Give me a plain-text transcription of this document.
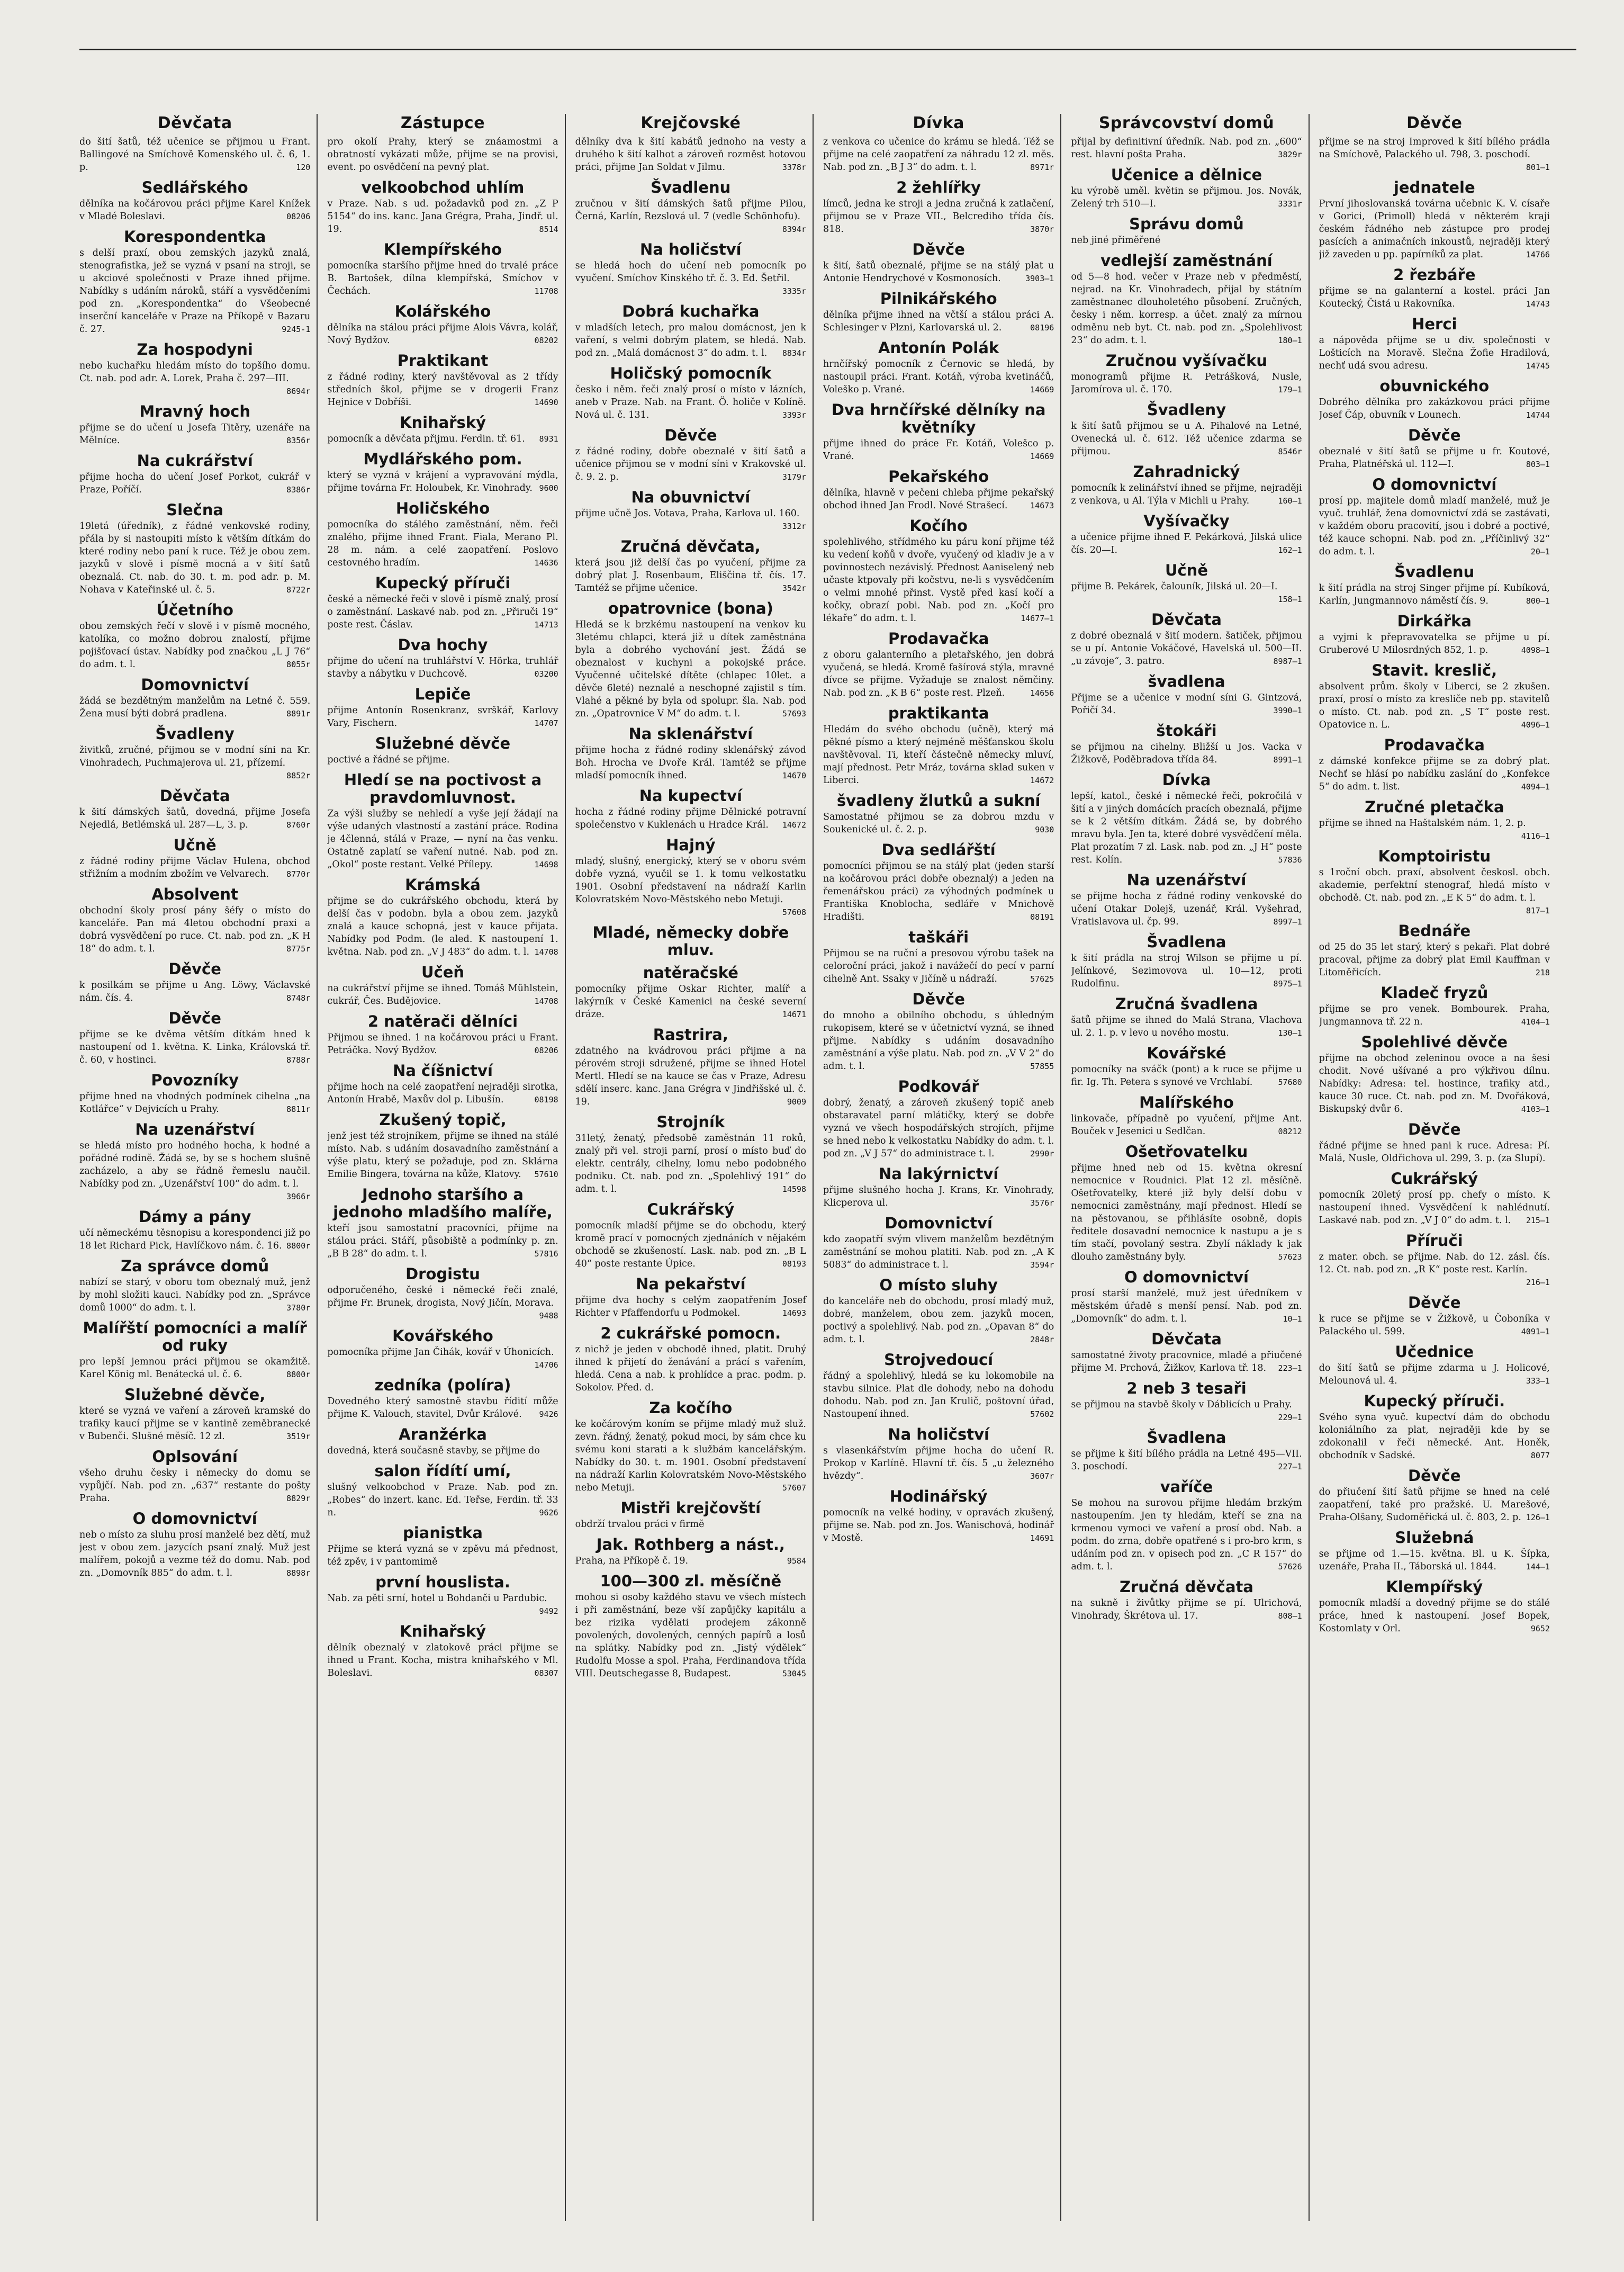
Děvčata
do šití šatů, též učenice se přijmou u Frant. Ballingové na Smíchově Komenského ul. č. 6, 1. p.	120
Sedlářského
dělníka na kočárovou práci přijme Karel Knížek v Mladé Boleslavi.	08206
Korespondentka
s delší praxí, obou zemských jazyků znalá, stenografistka, jež se vyzná v psaní na stroji, se u akciové společnosti v Praze ihned přijme. Nabídky s udáním nároků, stáří a vysvědčeními pod zn. „Korespondentka“ do Všeobecné inserční kanceláře v Praze na Příkopě v Bazaru č. 27.	9245-1
Za hospodyni
nebo kuchařku hledám místo do topšího domu. Ct. nab. pod adr. A. Lorek, Praha č. 297—III.
8694r
Mravný hoch
přijme se do učení u Josefa Titěry, uzenáře na Mělníce.	8356r
Na cukrářství
přijme hocha do učení Josef Porkot, cukrář v Praze, Poříčí.	8386r
Slečna
19letá (úředník), z řádné venkovské rodiny, přála by si nastoupiti místo k větším dítkám do které rodiny nebo paní k ruce. Též je obou zem. jazyků v slově i písmě mocná a v šití šatů obeznalá. Ct. nab. do 30. t. m. pod adr. p. M. Nohava v Kateřinské ul. č. 5.	8722r
Účetního
obou zemských řečí v slově i v písmě mocného, katolíka, co možno dobrou znalostí, přijme pojišťovací ústav. Nabídky pod značkou „L J 76“ do adm. t. l.	8055r
Domovnictví
žádá se bezdětným manželům na Letné č. 559. Žena musí býti dobrá pradlena.	8891r
Švadleny
živitků, zručné, přijmou se v modní síni na Kr. Vinohradech, Puchmajerova ul. 21, přízemí.
8852r
Děvčata
k šití dámských šatů, dovedná, přijme Josefa Nejedlá, Betlémská ul. 287—L, 3. p.	8760r
Učně
z řádné rodiny přijme Václav Hulena, obchod střižním a modním zbožím ve Velvarech. 8770r
Absolvent
obchodní školy prosí pány šéfy o místo do kanceláře. Pan má 4letou obchodní praxi a dobrá vysvědčení po ruce. Ct. nab. pod zn. „K H 18“ do adm. t. l.	8775r
Děvče
k posilkám se přijme u Ang. Löwy, Václavské nám. čís. 4.	8748r
Děvče
přijme se ke dvěma větším dítkám hned k nastoupení od 1. května. K. Linka, Královská tř. č. 60, v hostinci.	8788r
Povozníky
přijme hned na vhodných podmínek cihelna „na Kotlářce“ v Dejvicích u Prahy.	8811r
Na uzenářství
se hledá místo pro hodného hocha, k hodné a pořádné rodině. Žádá se, by se s hochem slušně zacházelo, a aby se řádně řemeslu naučil. Nabídky pod zn. „Uzenářství 100“ do adm. t. l.
3966r
Dámy a pány
učí německému těsnopisu a korespondenci již po 18 let Richard Pick, Havlíčkovo nám. č. 16. 8800r
Za správce domů
nabízí se starý, v oboru tom obeznalý muž, jenž by mohl složiti kauci. Nabídky pod zn. „Správce domů 1000“ do adm. t. l.	3780r
Malířští pomocníci a malíř od ruky
pro lepší jemnou práci přijmou se okamžitě. Karel König ml. Benátecká ul. č. 6.	8800r
Služebné děvče,
které se vyzná ve vaření a zároveň kramské do trafiky kaucí přijme se v kantině zeměbranecké v Bubenči. Slušné měsíč. 12 zl.	3519r
Oplsování
všeho druhu česky i německy do domu se vypůjčí. Nab. pod zn. „637“ restante do pošty Praha.	8829r
O domovnictví
neb o místo za sluhu prosí manželé bez dětí, muž jest v obou zem. jazycích psaní znalý. Muž jest malířem, pokojů a vezme též do domu. Nab. pod zn. „Domovník 885“ do adm. t. l.	8898r
Zástupce
pro okolí Prahy, který se znáamostmi a obratností vykázati může, přijme se na provisi, event. po osvědčení na pevný plat.
velkoobchod uhlím
v Praze. Nab. s ud. požadavků pod zn. „Z P 5154“ do ins. kanc. Jana Grégra, Praha, Jindř. ul. 19.	8514
Klempířského
pomocníka staršího přijme hned do trvalé práce B. Bartošek, dílna klempířská, Smíchov v Čechách.	11708
Kolářského
dělníka na stálou práci přijme Alois Vávra, kolář, Nový Bydžov.	08202
Praktikant
z řádné rodiny, který navštěvoval as 2 třídy středních škol, přijme se v drogerii Franz Hejnice v Dobříši.	14690
Knihařský
pomocník a děvčata přijmu. Ferdin. tř. 61. 8931
Mydlářského pom.
který se vyzná v krájení a vypravování mýdla, přijme továrna Fr. Holoubek, Kr. Vinohrady. 9600
Holičského
pomocníka do stálého zaměstnání, něm. řeči znalého, přijme ihned Frant. Fiala, Merano Pl. 28 m. nám. a celé zaopatření. Poslovo cestovného hradím.	14636
Kupecký příruči
české a německé řeči v slově i písmě znalý, prosí o zaměstnání. Laskavé nab. pod zn. „Přiruči 19“ poste rest. Čáslav.	14713
Dva hochy
přijme do učení na truhlářství V. Hörka, truhlář stavby a nábytku v Duchcově.	03200
Lepiče
přijme Antonín Rosenkranz, svrškář, Karlovy Vary, Fischern.	14707
Služebné děvče
poctivé a řádné se přijme.
Hledí se na poctivost a pravdomluvnost.
Za výši služby se nehledí a vyše její žádají na výše udaných vlastností a zastání práce. Rodina je 4členná, stálá v Praze, — nyní na čas venku. Ostatně zaplatí se vaření nutné. Nab. pod zn. „Okol“ poste restant. Velké Přílepy.	14698
Krámská
přijme se do cukrářského obchodu, která by delší čas v podobn. byla a obou zem. jazyků znalá a kauce schopná, jest v kauce přijata. Nabídky pod Podm. (le aled. K nastoupení 1. května. Nab. pod zn. „V J 483“ do adm. t. l. 14708
Učeň
na cukrářství přijme se ihned. Tomáš Mühlstein, cukrář, Čes. Budějovice.	14708
2 natěrači dělníci
Přijmou se ihned. 1 na kočárovou práci u Frant. Petráčka. Nový Bydžov.	08206
Na číšnictví
přijme hoch na celé zaopatření nejraději sirotka, Antonín Hrabě, Maxův dol p. Libušín.	08198
Zkušený topič,
jenž jest též strojníkem, přijme se ihned na stálé místo. Nab. s udáním dosavadního zaměstnání a výše platu, který se požaduje, pod zn. Sklárna Emilie Bingera, továrna na kůže, Klatovy. 57610
Jednoho staršího a jednoho mladšího malíře,
kteří jsou samostatní pracovníci, přijme na stálou práci. Stáří, působiště a podmínky p. zn. „B B 28“ do adm. t. l.	57816
Drogistu
odporučeného, české i německé řeči znalé, přijme Fr. Brunek, drogista, Nový Jičín, Morava.
9488
Kovářského
pomocníka přijme Jan Čihák, kovář v Úhonicích.
14706
zedníka (políra)
Dovedného který samostně stavbu řídití může přijme K. Valouch, stavitel, Dvůr Králové. 9426
Aranžérka
dovedná, která současně stavby, se přijme do
salon řídítí umí,
slušný velkoobchod v Praze. Nab. pod zn. „Robes“ do inzert. kanc. Ed. Teřse, Ferdin. tř. 33 n.	9626
pianistka
Přijme se která vyzná se v zpěvu má přednost, též zpěv, i v pantomimě
první houslista.
Nab. za pěti srní, hotel u Bohdanči u Pardubic.
9492
Knihařský
dělník obeznalý v zlatokově práci přijme se ihned u Frant. Kocha, mistra knihařského v Ml. Boleslavi.	08307
Krejčovské
dělníky dva k šití kabátů jednoho na vesty a druhého k šití kalhot a zároveň rozměst hotovou práci, přijme Jan Soldat v Jilmu.	3378r
Švadlenu
zručnou v šití dámských šatů přijme Pilou, Černá, Karlín, Rezslová ul. 7 (vedle Schönhofu).
8394r
Na holičství
se hledá hoch do učení neb pomocník po vyučení. Smíchov Kinského tř. č. 3. Ed. Šetřil.
3335r
Dobrá kuchařka
v mladších letech, pro malou domácnost, jen k vaření, s velmi dobrým platem, se hledá. Nab. pod zn. „Malá domácnost 3“ do adm. t. l. 8834r
Holičský pomocník
česko i něm. řeči znalý prosí o místo v lázních, aneb v Praze. Nab. na Frant. Ö. holiče v Kolíně. Nová ul. č. 131.	3393r
Děvče
z řádné rodiny, dobře obeznalé v šití šatů a učenice přijmou se v modní síni v Krakovské ul. č. 9. 2. p.	3179r
Na obuvnictví
přijme učně Jos. Votava, Praha, Karlova ul. 160.
3312r
Zručná děvčata,
která jsou již delší čas po vyučení, přijme za dobrý plat J. Rosenbaum, Eliščina tř. čís. 17. Tamtéž se přijme učenice.	3542r
opatrovnice (bona)
Hledá se k brzkému nastoupení na venkov ku 3letému chlapci, která již u dítek zaměstnána byla a dobrého vychování jest. Žádá se obeznalost v kuchyni a pokojské práce. Vyučenné učitelské dítěte (chlapec 10let. a děvče 6leté) neznalé a neschopné zajistil s tím. Vlahé a pěkné by byla od spolupr. šla. Nab. pod zn. „Opatrovnice V M“ do adm. t. l.	57693
Na sklenářství
přijme hocha z řádné rodiny sklenářský závod Boh. Hrocha ve Dvoře Král. Tamtéž se přijme mladší pomocník ihned.	14670
Na kupectví
hocha z řádné rodiny přijme Dělnické potravní společenstvo v Kuklenách u Hradce Král. 14672
Hajný
mladý, slušný, energický, který se v oboru svém dobře vyzná, vyučil se 1. k tomu velkostatku 1901. Osobní představení na nádraží Karlin Kolovratském Novo-Městského nebo Metuji.
57608
Mladé, německy dobře mluv.
natěračské
pomocníky přijme Oskar Richter, malíř a lakýrník v České Kamenici na české severní dráze.	14671
Rastrira,
zdatného na kvádrovou práci přijme a na pérovém stroji sdružené, přijme se ihned Hotel Mertl. Hledí se na kauce se čas v Praze, Adresu sdělí inserc. kanc. Jana Grégra v Jindřišské ul. č. 19.	9009
Strojník
31letý, ženatý, předsobě zaměstnán 11 roků, znalý při vel. stroji parní, prosí o místo buď do elektr. centrály, cihelny, lomu nebo podobného podniku. Ct. nab. pod zn. „Spolehlivý 191“ do adm. t. l.	14598
Cukrářský
pomocník mladší přijme se do obchodu, který kromě prací v pomocných zjednáních v nějakém obchodě se zkušeností. Lask. nab. pod zn. „B L 40“ poste restante Úpice.	08193
Na pekařství
přijme dva hochy s celým zaopatřením Josef Richter v Pfaffendorfu u Podmokel.	14693
2 cukrářské pomocn.
z nichž je jeden v obchodě ihned, platit. Druhý ihned k přijetí do ženávání a prácí s vařením, hledá. Cena a nab. k prohlídce a prac. podm. p. Sokolov. Před. d.
Za kočího
ke kočárovým koním se přijme mladý muž služ. zevn. řádný, ženatý, pokud moci, by sám chce ku svému koni starati a k službám kancelářským. Nabídky do 30. t. m. 1901. Osobní představení na nádraží Karlin Kolovratském Novo-Městského nebo Metuji.	57607
Mistři krejčovští
obdrží trvalou práci v firmě
Jak. Rothberg a nást.,
Praha, na Příkopě č. 19.	9584
100—300 zl. měsíčně
mohou si osoby každého stavu ve všech místech i při zaměstnání, beze vší zapůjčky kapitálu a bez rizika vydělati prodejem zákonně povolených, dovolených, cenných papírů a losů na splátky. Nabídky pod zn. „Jistý výdělek“ Rudolfu Mosse a spol. Praha, Ferdinandova třída VIII. Deutschegasse 8, Budapest.	53045
Dívka
z venkova co učenice do krámu se hledá. Též se přijme na celé zaopatření za náhradu 12 zl. měs. Nab. pod zn. „B J 3“ do adm. t. l.	8971r
2 žehlířky
límců, jedna ke stroji a jedna zručná k zatlačení, přijmou se v Praze VII., Belcrediho třída čís. 818.	3870r
Děvče
k šití, šatů obeznalé, přijme se na stálý plat u Antonie Hendrychové v Kosmonosích.	3903—1
Pilnikářského
dělníka přijme ihned na včtší a stálou práci A. Schlesinger v Plzni, Karlovarská ul. 2.	08196
Antonín Polák
hrnčířský pomocník z Černovic se hledá, by nastoupil práci. Frant. Kotáň, výroba kvetináčů, Voleško p. Vrané.	14669
Dva hrnčířské dělníky na květníky
přijme ihned do práce Fr. Kotáň, Volešco p. Vrané.	14669
Pekařského
dělníka, hlavně v pečeni chleba přijme pekařský obchod ihned Jan Frodl. Nové Strašecí.	14673
Kočího
spolehlivého, střídmého ku páru koní přijme též ku vedení koňů v dvoře, vyučený od kladiv je a v povinnostech nezávislý. Přednost Aaniselený neb učaste ktpovaly při kočstvu, ne-li s vysvědčením o velmi mnohé přinst. Vystě před kasí kočí a kočky, obrazí pobi. Nab. pod zn. „Kočí pro lékaře“ do adm. t. l.	14677—1
Prodavačka
z oboru galanterního a pletařského, jen dobrá vyučená, se hledá. Kromě fašírová stýla, mravné dívce se přijme. Vyžaduje se znalost němčiny. Nab. pod zn. „K B 6“ poste rest. Plzeň.	14656
praktikanta
Hledám do svého obchodu (učně), který má pěkné písmo a který nejméně měšťanskou školu navštěvoval. Ti, kteří částečně německy mluví, mají přednost. Petr Mráz, továrna sklad suken v Liberci.	14672
švadleny žlutků a sukní
Samostatné přijmou se za dobrou mzdu v Soukenické ul. č. 2. p.	9030
Dva sedlářští
pomocníci přijmou se na stálý plat (jeden starší na kočárovou práci dobře obeznalý) a jeden na řemenářskou práci) za výhodných podmínek u Františka Knoblocha, sedláře v Mnichově Hradišti.	08191
taškáři
Přijmou se na ruční a presovou výrobu tašek na celoroční práci, jakož i navážečí do pecí v parní cihelně Ant. Ssaky v Jičíně u nádraží.	57625
Děvče
do mnoho a obilního obchodu, s úhledným rukopisem, které se v účetnictví vyzná, se ihned přijme. Nabídky s udáním dosavadního zaměstnání a výše platu. Nab. pod zn. „V V 2“ do adm. t. l.	57855
Podkovář
dobrý, ženatý, a zároveň zkušený topič aneb obstaravatel parní mlátičky, který se dobře vyzná ve všech hospodářských strojích, přijme se hned nebo k velkostatku Nabídky do adm. t. l. pod zn. „V J 57“ do administrace t. l.	2990r
Na lakýrnictví
přijme slušného hocha J. Krans, Kr. Vinohrady, Klicperova ul.	3576r
Domovnictví
kdo zaopatří svým vlivem manželům bezdětným zaměstnání se mohou platiti. Nab. pod zn. „A K 5083“ do administrace t. l.	3594r
O místo sluhy
do kanceláře neb do obchodu, prosí mladý muž, dobré, manželem, obou zem. jazyků mocen, poctivý a spolehlivý. Nab. pod zn. „Opavan 8“ do adm. t. l.	2848r
Strojvedoucí
řádný a spolehlivý, hledá se ku lokomobile na stavbu silnice. Plat dle dohody, nebo na dohodu dohodu. Nab. pod zn. Jan Krulič, poštovní úřad, Nastoupení ihned.	57602
Na holičství
s vlasenkářstvím přijme hocha do učení R. Prokop v Karlíně. Hlavní tř. čís. 5 „u železného hvězdy“.	3607r
Hodinářský
pomocník na velké hodiny, v opravách zkušený, přijme se. Nab. pod zn. Jos. Wanischová, hodinář v Mostě.	14691
Správcovství domů
přijal by definitivní úředník. Nab. pod zn. „600“ rest. hlavní pošta Praha.	3829r
Učenice a dělnice
ku výrobě uměl. květin se přijmou. Jos. Novák, Zelený trh 510—I.	3331r
Správu domů
neb jiné přiměřené
vedlejší zaměstnání
od 5—8 hod. večer v Praze neb v předměstí, nejrad. na Kr. Vinohradech, přijal by státním zaměstnanec dlouholetého působení. Zručných, česky i něm. korresp. a účet. znalý za mírnou odměnu neb byt. Ct. nab. pod zn. „Spolehlivost 23“ do adm. t. l.	180—1
Zručnou vyšívačku
monogramů přijme R. Petrášková, Nusle, Jaromírova ul. č. 170.	179—1
Švadleny
k šití šatů přijmou se u A. Pihalové na Letné, Ovenecká ul. č. 612. Též učenice zdarma se přijmou.	8546r
Zahradnický
pomocník k zelinářství ihned se přijme, nejraději z venkova, u Al. Týla v Michli u Prahy.	160—1
Vyšívačky
a učenice přijme ihned F. Pekárková, Jilská ulice čís. 20—I.	162—1
Učně
přijme B. Pekárek, čalouník, Jilská ul. 20—I.
158—1
Děvčata
z dobré obeznalá v šití modern. šatiček, přijmou se u pí. Antonie Vokáčové, Havelská ul. 500—II. „u závoje“, 3. patro.	8987—1
švadlena
Přijme se a učenice v modní síni G. Gintzová, Pořičí 34.	3990—1
štokáři
se přijmou na cihelny. Bližší u Jos. Vacka v Žižkově, Poděbradova třída 84.	8991—1
Dívka
lepší, katol., české i německé řeči, pokročilá v šití a v jiných domácích pracích obeznalá, přijme se k 2 větším dítkám. Žádá se, by dobrého mravu byla. Jen ta, které dobré vysvědčení měla. Plat prozatím 7 zl. Lask. nab. pod zn. „J H“ poste rest. Kolín.	57836
Na uzenářství
se přijme hocha z řádné rodiny venkovské do učení Otakar Dolejš, uzenář, Král. Vyšehrad, Vratislavova ul. čp. 99.	8997—1
Švadlena
k šití prádla na stroj Wilson se přijme u pí. Jelínkové, Sezimovova ul. 10—12, proti Rudolfinu.	8975—1
Zručná švadlena
šatů přijme se ihned do Malá Strana, Vlachova ul. 2. 1. p. v levo u nového mostu.	130—1
Kovářské
pomocníky na sváčk (pont) a k ruce se přijme u fir. Ig. Th. Petera s synové ve Vrchlabí.	57680
Malířského
linkovače, případně po vyučení, přijme Ant. Bouček v Jesenici u Sedlčan.	08212
Ošetřovatelku
přijme hned neb od 15. května okresní nemocnice v Roudnici. Plat 12 zl. měsíčně. Ošetřovatelky, které již byly delší dobu v nemocnici zaměstnány, mají přednost. Hledí se na pěstovanou, se přihlásíte osobně, dopis ředitele dosavadní nemocnice k nastupu a je s tím stačí, povolaný sestra. Zbylí náklady k jak dlouho zaměstnány byly.	57623
O domovnictví
prosí starší manželé, muž jest úředníkem v městském úřadě s menší pensí. Nab. pod zn. „Domovník“ do adm. t. l.	10—1
Děvčata
samostatné životy pracovnice, mladé a přiučené přijme M. Prchová, Žižkov, Karlova tř. 18. 223—1
2 neb 3 tesaři
se přijmou na stavbě školy v Dáblicích u Prahy.
229—1
Švadlena
se přijme k šití bílého prádla na Letné 495—VII. 3. poschodí.	227—1
vaříče
Se mohou na surovou přijme hledám brzkým nastoupením. Jen ty hledám, kteří se zna na krmenou vymoci ve vaření a prosí obd. Nab. a podm. do zrna, dobře opatřené s i pro-bro krm, s udáním pod zn. v opisech pod zn. „C R 157“ do adm. t. l.	57626
Zručná děvčata
na sukně i živůtky přijme se pí. Ulrichová, Vinohrady, Škrétova ul. 17.	808—1
Děvče
přijme se na stroj Improved k šití bílého prádla na Smíchově, Palackého ul. 798, 3. poschodí.
801—1
jednatele
První jihoslovanská továrna učebnic K. V. císaře v Gorici, (Primoll) hledá v některém kraji českém řádného neb zástupce pro prodej pasících a animačních inkoustů, nejraději který již zaveden u pp. papírníků za plat.	14766
2 řezbáře
přijme se na galanterní a kostel. práci Jan Koutecký, Čistá u Rakovníka.	14743
Herci
a nápověda přijme se u div. společnosti v Lošticích na Moravě. Slečna Žofie Hradilová, nechť udá svou adresu.	14745
obuvnického
Dobrého dělníka pro zakázkovou práci přijme Josef Čáp, obuvník v Lounech.	14744
Děvče
obeznalé v šití šatů se přijme u fr. Koutové, Praha, Platnéřská ul. 112—I.	803—1
O domovnictví
prosí pp. majitele domů mladí manželé, muž je vyuč. truhlář, žena domovnictví zdá se zastávati, v každém oboru pracovití, jsou i dobré a poctivé, též kauce schopni. Nab. pod zn. „Příčinlivý 32“ do adm. t. l.	20—1
Švadlenu
k šití prádla na stroj Singer přijme pí. Kubíková, Karlín, Jungmannovo náměstí čís. 9.	800—1
Dirkářka
a vyjmi k přepravovatelka se přijme u pí. Gruberové U Milosrdných 852, 1. p.	4098—1
Stavit. kreslič,
absolvent prům. školy v Liberci, se 2 zkušen. praxí, prosí o místo za kresliče neb pp. stavitelů o místo. Ct. nab. pod zn. „S T“ poste rest. Opatovice n. L.	4096—1
Prodavačka
z dámské konfekce přijme se za dobrý plat. Nechť se hlásí po nabídku zaslání do „Konfekce 5“ do adm. t. list.	4094—1
Zručné pletačka
přijme se ihned na Haštalském nám. 1, 2. p.
4116—1
Komptoiristu
s 1roční obch. praxí, absolvent českosl. obch. akademie, perfektní stenograf, hledá místo v obchodě. Ct. nab. pod zn. „E K 5“ do adm. t. l.
817—1
Bednáře
od 25 do 35 let starý, který s pekaři. Plat dobré pracoval, přijme za dobrý plat Emil Kauffman v Litoměřicích.	218
Kladeč fryzů
přijme se pro venek. Bombourek. Praha, Jungmannova tř. 22 n.	4104—1
Spolehlivé děvče
přijme na obchod zeleninou ovoce a na šesi chodit. Nové ušívané a pro výkřivou dílnu. Nabídky: Adresa: tel. hostince, trafiky atd., kauce 30 ruce. Ct. nab. pod zn. M. Dvořáková, Biskupský dvůr 6.	4103—1
Děvče
řádné přijme se hned pani k ruce. Adresa: Pí. Malá, Nusle, Oldřichova ul. 299, 3. p. (za Slupí).
Cukrářský
pomocník 20letý prosí pp. chefy o místo. K nastoupení ihned. Vysvědčení k nahlédnutí. Laskavé nab. pod zn. „V J 0“ do adm. t. l. 215—1
Příruči
z mater. obch. se přijme. Nab. do 12. zásl. čís. 12. Ct. nab. pod zn. „R K“ poste rest. Karlín.
216—1
Děvče
k ruce se přijme se v Žižkově, u Čoboníka v Palackého ul. 599.	4091—1
Učednice
do šití šatů se přijme zdarma u J. Holicové, Melounová ul. 4.	333—1
Kupecký příruči.
Svého syna vyuč. kupectví dám do obchodu koloniálního za plat, nejraději kde by se zdokonalil v řeči německé. Ant. Honěk, obchodník v Sadské.	8077
Děvče
do přiučení šití šatů přijme se hned na celé zaopatření, také pro pražské. U. Marešové, Praha-Olšany, Sudoměřická ul. č. 803, 2. p. 126—1
Služebná
se přijme od 1.—15. května. Bl. u K. Šípka, uzenáře, Praha II., Táborská ul. 1844.	144—1
Klempířský
pomocník mladší a dovedný přijme se do stálé práce, hned k nastoupení. Josef Bopek, Kostomlaty v Orl.	9652
